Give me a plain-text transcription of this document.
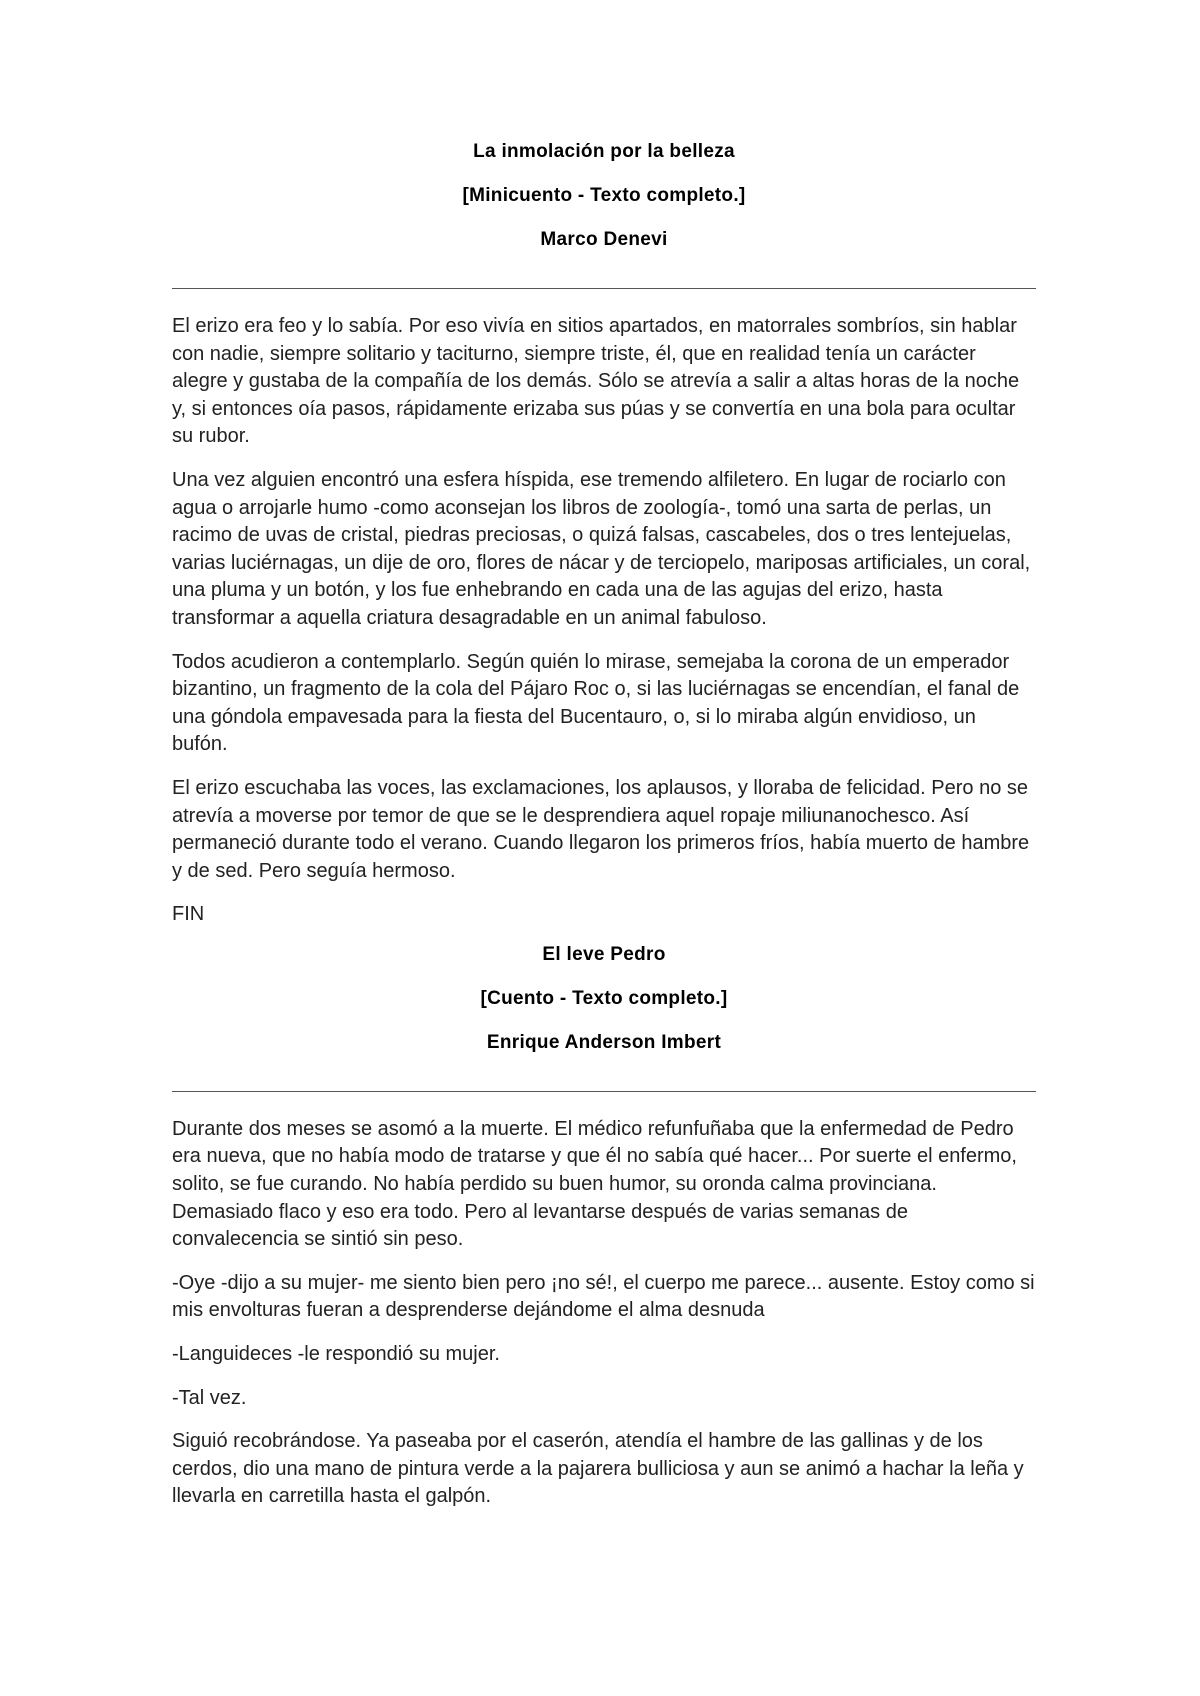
La inmolación por la belleza
[Minicuento - Texto completo.]
Marco Denevi

El erizo era feo y lo sabía. Por eso vivía en sitios apartados, en matorrales sombríos, sin hablar con nadie, siempre solitario y taciturno, siempre triste, él, que en realidad tenía un carácter alegre y gustaba de la compañía de los demás. Sólo se atrevía a salir a altas horas de la noche y, si entonces oía pasos, rápidamente erizaba sus púas y se convertía en una bola para ocultar su rubor.

Una vez alguien encontró una esfera híspida, ese tremendo alfiletero. En lugar de rociarlo con agua o arrojarle humo -como aconsejan los libros de zoología-, tomó una sarta de perlas, un racimo de uvas de cristal, piedras preciosas, o quizá falsas, cascabeles, dos o tres lentejuelas, varias luciérnagas, un dije de oro, flores de nácar y de terciopelo, mariposas artificiales, un coral, una pluma y un botón, y los fue enhebrando en cada una de las agujas del erizo, hasta transformar a aquella criatura desagradable en un animal fabuloso.

Todos acudieron a contemplarlo. Según quién lo mirase, semejaba la corona de un emperador bizantino, un fragmento de la cola del Pájaro Roc o, si las luciérnagas se encendían, el fanal de una góndola empavesada para la fiesta del Bucentauro, o, si lo miraba algún envidioso, un bufón.

El erizo escuchaba las voces, las exclamaciones, los aplausos, y lloraba de felicidad. Pero no se atrevía a moverse por temor de que se le desprendiera aquel ropaje miliunanochesco. Así permaneció durante todo el verano. Cuando llegaron los primeros fríos, había muerto de hambre y de sed. Pero seguía hermoso.

FIN

El leve Pedro
[Cuento - Texto completo.]
Enrique Anderson Imbert

Durante dos meses se asomó a la muerte. El médico refunfuñaba que la enfermedad de Pedro era nueva, que no había modo de tratarse y que él no sabía qué hacer... Por suerte el enfermo, solito, se fue curando. No había perdido su buen humor, su oronda calma provinciana. Demasiado flaco y eso era todo. Pero al levantarse después de varias semanas de convalecencia se sintió sin peso.

-Oye -dijo a su mujer- me siento bien pero ¡no sé!, el cuerpo me parece... ausente. Estoy como si mis envolturas fueran a desprenderse dejándome el alma desnuda

-Languideces -le respondió su mujer.

-Tal vez.

Siguió recobrándose. Ya paseaba por el caserón, atendía el hambre de las gallinas y de los cerdos, dio una mano de pintura verde a la pajarera bulliciosa y aun se animó a hachar la leña y llevarla en carretilla hasta el galpón.
